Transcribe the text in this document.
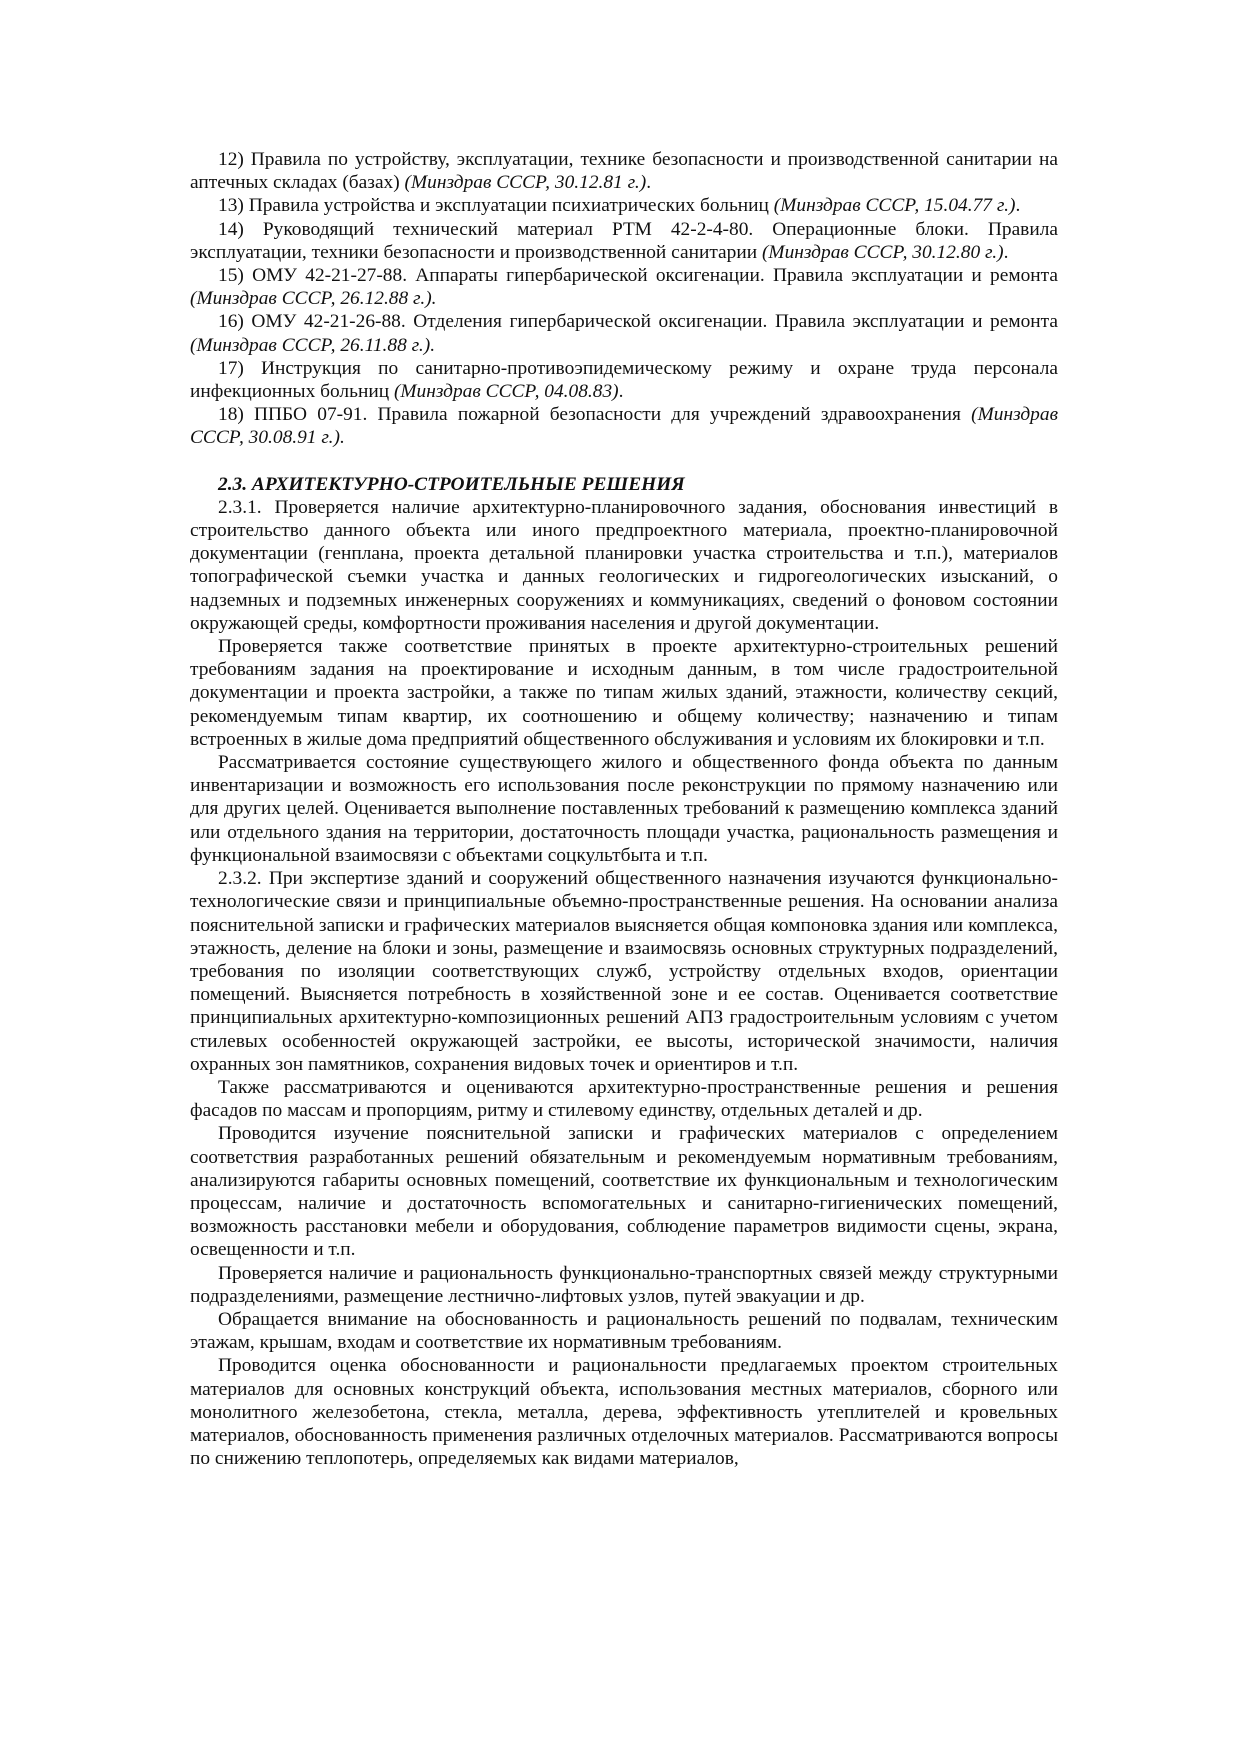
12) Правила по устройству, эксплуатации, технике безопасности и производственной санитарии на аптечных складах (базах) (Минздрав СССР, 30.12.81 г.).

13) Правила устройства и эксплуатации психиатрических больниц (Минздрав СССР, 15.04.77 г.).

14) Руководящий технический материал РТМ 42-2-4-80. Операционные блоки. Правила эксплуатации, техники безопасности и производственной санитарии (Минздрав СССР, 30.12.80 г.).

15) ОМУ 42-21-27-88. Аппараты гипербарической оксигенации. Правила эксплуатации и ремонта (Минздрав СССР, 26.12.88 г.).

16) ОМУ 42-21-26-88. Отделения гипербарической оксигенации. Правила эксплуатации и ремонта (Минздрав СССР, 26.11.88 г.).

17) Инструкция по санитарно-противоэпидемическому режиму и охране труда персонала инфекционных больниц (Минздрав СССР, 04.08.83).

18) ППБО 07-91. Правила пожарной безопасности для учреждений здравоохранения (Минздрав СССР, 30.08.91 г.).

2.3. АРХИТЕКТУРНО-СТРОИТЕЛЬНЫЕ РЕШЕНИЯ

2.3.1. Проверяется наличие архитектурно-планировочного задания, обоснования инвестиций в строительство данного объекта или иного предпроектного материала, проектно-планировочной документации (генплана, проекта детальной планировки участка строительства и т.п.), материалов топографической съемки участка и данных геологических и гидрогеологических изысканий, о надземных и подземных инженерных сооружениях и коммуникациях, сведений о фоновом состоянии окружающей среды, комфортности проживания населения и другой документации.

Проверяется также соответствие принятых в проекте архитектурно-строительных решений требованиям задания на проектирование и исходным данным, в том числе градостроительной документации и проекта застройки, а также по типам жилых зданий, этажности, количеству секций, рекомендуемым типам квартир, их соотношению и общему количеству; назначению и типам встроенных в жилые дома предприятий общественного обслуживания и условиям их блокировки и т.п.

Рассматривается состояние существующего жилого и общественного фонда объекта по данным инвентаризации и возможность его использования после реконструкции по прямому назначению или для других целей. Оценивается выполнение поставленных требований к размещению комплекса зданий или отдельного здания на территории, достаточность площади участка, рациональность размещения и функциональной взаимосвязи с объектами соцкультбыта и т.п.

2.3.2. При экспертизе зданий и сооружений общественного назначения изучаются функционально-технологические связи и принципиальные объемно-пространственные решения. На основании анализа пояснительной записки и графических материалов выясняется общая компоновка здания или комплекса, этажность, деление на блоки и зоны, размещение и взаимосвязь основных структурных подразделений, требования по изоляции соответствующих служб, устройству отдельных входов, ориентации помещений. Выясняется потребность в хозяйственной зоне и ее состав. Оценивается соответствие принципиальных архитектурно-композиционных решений АПЗ градостроительным условиям с учетом стилевых особенностей окружающей застройки, ее высоты, исторической значимости, наличия охранных зон памятников, сохранения видовых точек и ориентиров и т.п.

Также рассматриваются и оцениваются архитектурно-пространственные решения и решения фасадов по массам и пропорциям, ритму и стилевому единству, отдельных деталей и др.

Проводится изучение пояснительной записки и графических материалов с определением соответствия разработанных решений обязательным и рекомендуемым нормативным требованиям, анализируются габариты основных помещений, соответствие их функциональным и технологическим процессам, наличие и достаточность вспомогательных и санитарно-гигиенических помещений, возможность расстановки мебели и оборудования, соблюдение параметров видимости сцены, экрана, освещенности и т.п.

Проверяется наличие и рациональность функционально-транспортных связей между структурными подразделениями, размещение лестнично-лифтовых узлов, путей эвакуации и др.

Обращается внимание на обоснованность и рациональность решений по подвалам, техническим этажам, крышам, входам и соответствие их нормативным требованиям.

Проводится оценка обоснованности и рациональности предлагаемых проектом строительных материалов для основных конструкций объекта, использования местных материалов, сборного или монолитного железобетона, стекла, металла, дерева, эффективность утеплителей и кровельных материалов, обоснованность применения различных отделочных материалов. Рассматриваются вопросы по снижению теплопотерь, определяемых как видами материалов,
